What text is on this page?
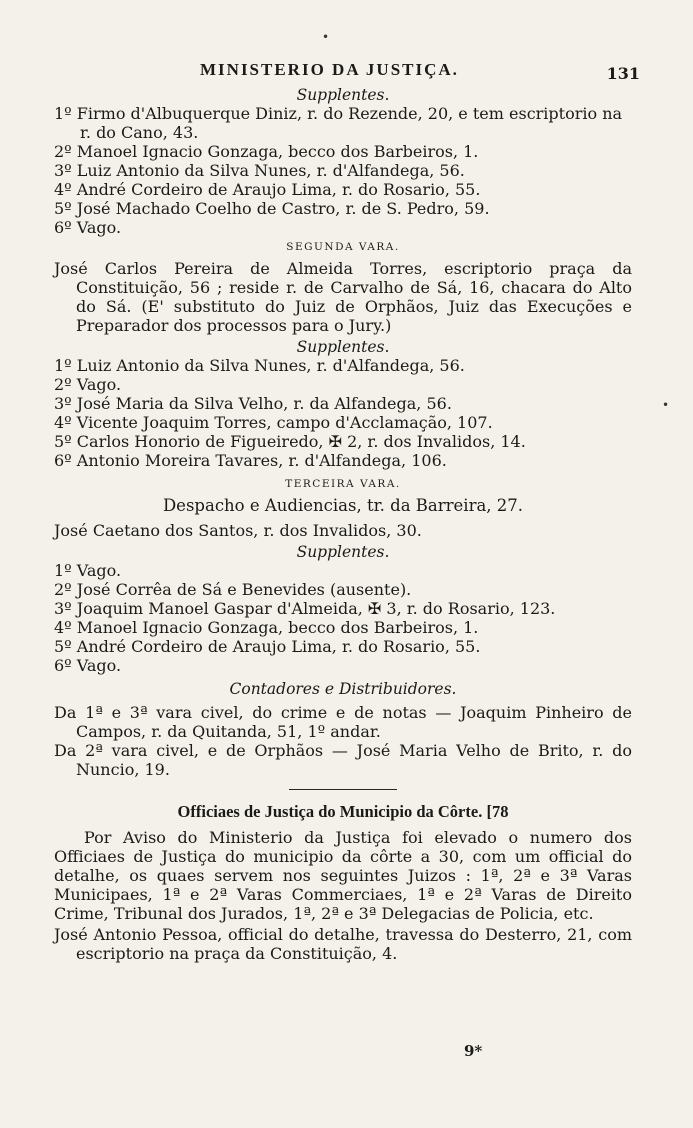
MINISTERIO DA JUSTIÇA.	131
Supplentes.
1º Firmo d'Albuquerque Diniz, r. do Rezende, 20, e tem escriptorio na r. do Cano, 43.
2º Manoel Ignacio Gonzaga, becco dos Barbeiros, 1.
3º Luiz Antonio da Silva Nunes, r. d'Alfandega, 56.
4º André Cordeiro de Araujo Lima, r. do Rosario, 55.
5º José Machado Coelho de Castro, r. de S. Pedro, 59.
6º Vago.
SEGUNDA VARA.
José Carlos Pereira de Almeida Torres, escriptorio praça da Constituição, 56 ; reside r. de Carvalho de Sá, 16, chacara do Alto do Sá. (E' substituto do Juiz de Orphãos, Juiz das Execuções e Preparador dos processos para o Jury.)
Supplentes.
1º Luiz Antonio da Silva Nunes, r. d'Alfandega, 56.
2º Vago.
3º José Maria da Silva Velho, r. da Alfandega, 56.
4º Vicente Joaquim Torres, campo d'Acclamação, 107.
5º Carlos Honorio de Figueiredo, ✠ 2, r. dos Invalidos, 14.
6º Antonio Moreira Tavares, r. d'Alfandega, 106.
TERCEIRA VARA.
Despacho e Audiencias, tr. da Barreira, 27.
José Caetano dos Santos, r. dos Invalidos, 30.
Supplentes.
1º Vago.
2º José Corrêa de Sá e Benevides (ausente).
3º Joaquim Manoel Gaspar d'Almeida, ✠ 3, r. do Rosario, 123.
4º Manoel Ignacio Gonzaga, becco dos Barbeiros, 1.
5º André Cordeiro de Araujo Lima, r. do Rosario, 55.
6º Vago.
Contadores e Distribuidores.
Da 1ª e 3ª vara civel, do crime e de notas — Joaquim Pinheiro de Campos, r. da Quitanda, 51, 1º andar.
Da 2ª vara civel, e de Orphãos — José Maria Velho de Brito, r. do Nuncio, 19.
Officiaes de Justiça do Municipio da Côrte. [78
Por Aviso do Ministerio da Justiça foi elevado o numero dos Officiaes de Justiça do municipio da côrte a 30, com um official do detalhe, os quaes servem nos seguintes Juizos : 1ª, 2ª e 3ª Varas Municipaes, 1ª e 2ª Varas Commerciaes, 1ª e 2ª Varas de Direito Crime, Tribunal dos Jurados, 1ª, 2ª e 3ª Delegacias de Policia, etc.
José Antonio Pessoa, official do detalhe, travessa do Desterro, 21, com escriptorio na praça da Constituição, 4.
9*
•
•
